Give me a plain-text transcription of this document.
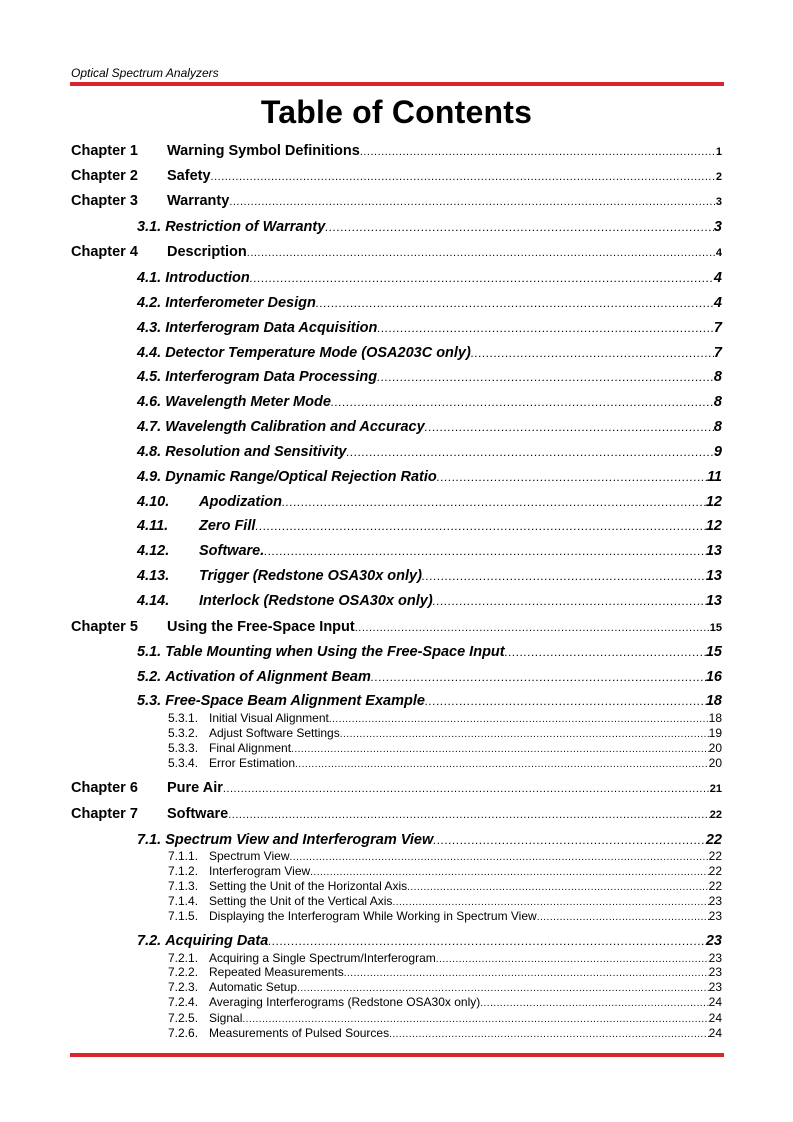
Optical Spectrum Analyzers
Table of Contents
Chapter 1	Warning Symbol Definitions .....	1
Chapter 2	Safety .....	2
Chapter 3	Warranty .....	3
3.1. Restriction of Warranty .....	3
Chapter 4	Description .....	4
4.1. Introduction .....	4
4.2. Interferometer Design .....	4
4.3. Interferogram Data Acquisition .....	7
4.4. Detector Temperature Mode (OSA203C only) .....	7
4.5. Interferogram Data Processing .....	8
4.6. Wavelength Meter Mode .....	8
4.7. Wavelength Calibration and Accuracy .....	8
4.8. Resolution and Sensitivity .....	9
4.9. Dynamic Range/Optical Rejection Ratio .....	11
4.10.	Apodization .....	12
4.11.	Zero Fill .....	12
4.12.	Software. .....	13
4.13.	Trigger (Redstone OSA30x only) .....	13
4.14.	Interlock (Redstone OSA30x only) .....	13
Chapter 5	Using the Free-Space Input .....	15
5.1. Table Mounting when Using the Free-Space Input .....	15
5.2. Activation of Alignment Beam .....	16
5.3. Free-Space Beam Alignment Example .....	18
5.3.1. Initial Visual Alignment .....	18
5.3.2. Adjust Software Settings .....	19
5.3.3. Final Alignment .....	20
5.3.4. Error Estimation .....	20
Chapter 6	Pure Air .....	21
Chapter 7	Software .....	22
7.1. Spectrum View and Interferogram View .....	22
7.1.1. Spectrum View .....	22
7.1.2. Interferogram View .....	22
7.1.3. Setting the Unit of the Horizontal Axis .....	22
7.1.4. Setting the Unit of the Vertical Axis .....	23
7.1.5. Displaying the Interferogram While Working in Spectrum View .....	23
7.2. Acquiring Data .....	23
7.2.1. Acquiring a Single Spectrum/Interferogram .....	23
7.2.2. Repeated Measurements .....	23
7.2.3. Automatic Setup .....	23
7.2.4. Averaging Interferograms (Redstone OSA30x only) .....	24
7.2.5. Signal .....	24
7.2.6. Measurements of Pulsed Sources .....	24
